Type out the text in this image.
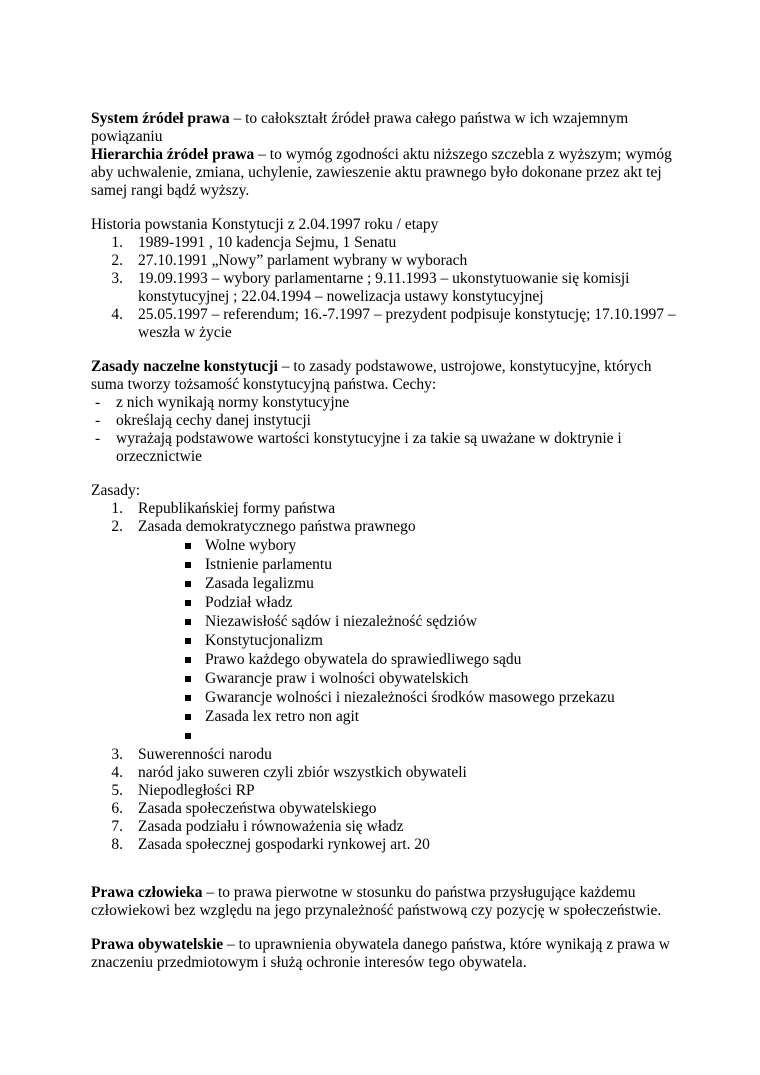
System źródeł prawa – to całokształt źródeł prawa całego państwa w ich wzajemnym
powiązaniu
Hierarchia źródeł prawa – to wymóg zgodności aktu niższego szczebla z wyższym; wymóg
aby uchwalenie, zmiana, uchylenie, zawieszenie aktu prawnego było dokonane przez akt tej
samej rangi bądź wyższy.
Historia powstania Konstytucji z 2.04.1997 roku / etapy
1. 1989-1991 , 10 kadencja Sejmu, 1 Senatu
2. 27.10.1991 „Nowy” parlament wybrany w wyborach
3. 19.09.1993 – wybory parlamentarne ; 9.11.1993 – ukonstytuowanie się komisji
konstytucyjnej ; 22.04.1994 – nowelizacja ustawy konstytucyjnej
4. 25.05.1997 – referendum; 16.-7.1997 – prezydent podpisuje konstytucję; 17.10.1997 –
weszła w życie
Zasady naczelne konstytucji – to zasady podstawowe, ustrojowe, konstytucyjne, których
suma tworzy tożsamość konstytucyjną państwa. Cechy:
- z nich wynikają normy konstytucyjne
- określają cechy danej instytucji
- wyrażają podstawowe wartości konstytucyjne i za takie są uważane w doktrynie i
orzecznictwie
Zasady:
1. Republikańskiej formy państwa
2. Zasada demokratycznego państwa prawnego
Wolne wybory
Istnienie parlamentu
Zasada legalizmu
Podział władz
Niezawisłość sądów i niezależność sędziów
Konstytucjonalizm
Prawo każdego obywatela do sprawiedliwego sądu
Gwarancje praw i wolności obywatelskich
Gwarancje wolności i niezależności środków masowego przekazu
Zasada lex retro non agit
3. Suwerenności narodu
4. naród jako suweren czyli zbiór wszystkich obywateli
5. Niepodległości RP
6. Zasada społeczeństwa obywatelskiego
7. Zasada podziału i równoważenia się władz
8. Zasada społecznej gospodarki rynkowej art. 20
Prawa człowieka – to prawa pierwotne w stosunku do państwa przysługujące każdemu
człowiekowi bez względu na jego przynależność państwową czy pozycję w społeczeństwie.
Prawa obywatelskie – to uprawnienia obywatela danego państwa, które wynikają z prawa w
znaczeniu przedmiotowym i służą ochronie interesów tego obywatela.
